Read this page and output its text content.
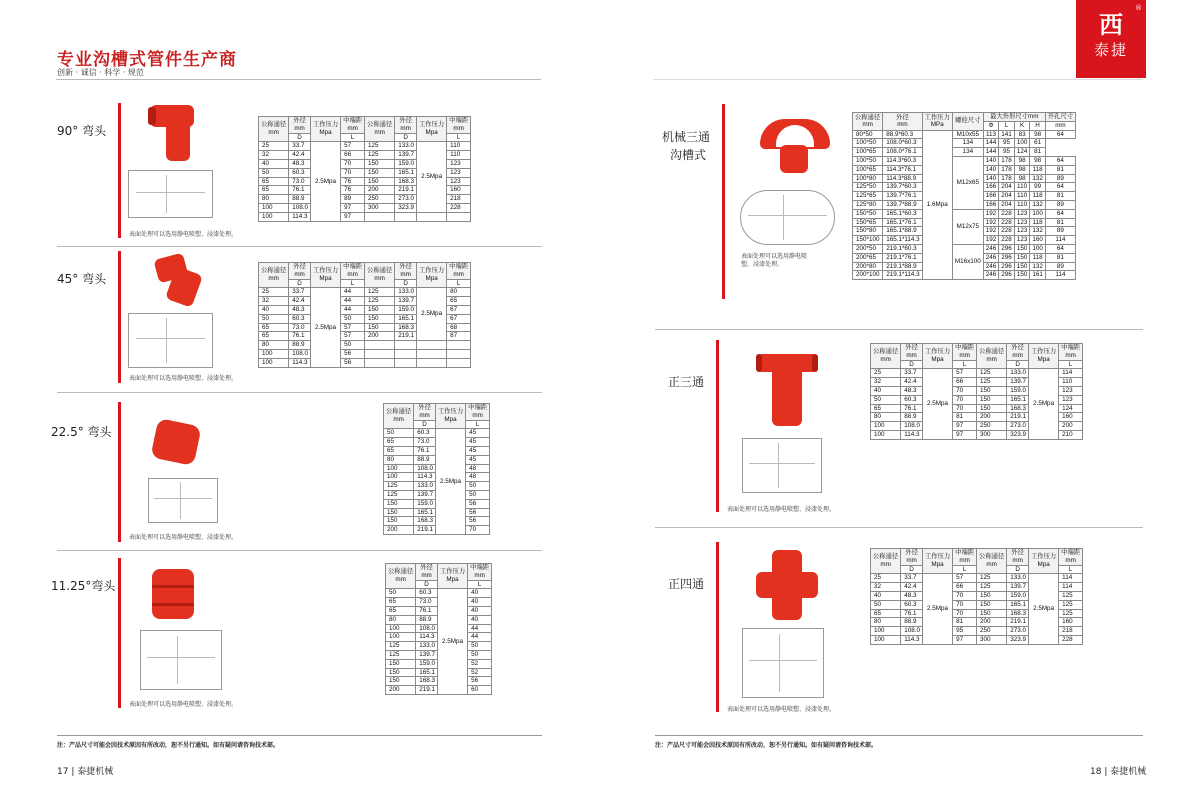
西
泰捷
®
专业沟槽式管件生产商
创新 · 诚信 · 科学 · 规范
90° 弯头
表面处理可以选用静电喷塑、浸漆处理。
公称通径
mm	外径
mm	工作压力
Mpa	中端距
mm	公称通径
mm	外径
mm	工作压力
Mpa	中端距
mm
	D		L		D		L
25	33.7	2.5Mpa	57	125	133.0	2.5Mpa	110
32	42.4		66	125	139.7		110
40	48.3		70	150	159.0		123
50	60.3		70	150	165.1		123
65	73.0		76	150	168.3		123
65	76.1		76	200	219.1		160
80	88.9		89	250	273.0		218
100	108.0		97	300	323.9		228
100	114.3		97				
45° 弯头
表面处理可以选用静电喷塑、浸漆处理。
公称通径
mm	外径
mm	工作压力
Mpa	中端距
mm	公称通径
mm	外径
mm	工作压力
Mpa	中端距
mm
	D		L		D		L
25	33.7	2.5Mpa	44	125	133.0	2.5Mpa	80
32	42.4		44	125	139.7		65
40	48.3		44	150	159.0		67
50	60.3		50	150	165.1		67
65	73.0		57	150	168.3		68
65	76.1		57	200	219.1		87
80	88.9		50				
100	108.0		56				
100	114.3		56				
22.5° 弯头
表面处理可以选用静电喷塑、浸漆处理。
公称通径
mm	外径
mm	工作压力
Mpa	中端距
mm
	D		L
50	60.3	2.5Mpa	45
65	73.0		45
65	76.1		45
80	88.9		45
100	108.0		48
100	114.3		48
125	133.0		50
125	139.7		50
150	159.0		56
150	165.1		56
150	168.3		56
200	219.1		70
11.25°弯头
表面处理可以选用静电喷塑、浸漆处理。
公称通径
mm	外径
mm	工作压力
Mpa	中端距
mm
	D		L
50	60.3	2.5Mpa	40
65	73.0		40
65	76.1		40
80	88.9		40
100	108.0		44
100	114.3		44
125	133.0		50
125	139.7		50
150	159.0		52
150	165.1		52
150	168.3		56
200	219.1		60
机械三通
沟槽式
表面处理可以选用静电喷
塑、浸漆处理。
公称通径
mm	外径
mm	工作压力
MPa	螺栓尺寸	最大外形尺寸mm				开孔尺寸
				Φ	L	K	H	mm
80*50	88.9*60.3	1.6Mpa	M10x55	113	141	83	98	64
100*50	108.0*60.3		134	144	95	100	61	
100*65	108.0*76.1		134	144	95	124	81	
100*50	114.3*60.3		M12x65	140	178	98	98	64
100*65	114.3*76.1			140	178	98	118	81
100*80	114.3*88.9			140	178	98	132	89
125*50	139.7*60.3			166	204	110	99	64
125*65	139.7*76.1			166	204	110	118	81
125*80	139.7*88.9			166	204	110	132	89
150*50	165.1*60.3		M12x75	192	228	123	100	64
150*65	165.1*76.1			192	228	123	118	81
150*80	165.1*88.9			192	228	123	132	89
150*100	165.1*114.3			192	228	123	160	114
200*50	219.1*60.3		M16x100	246	296	150	100	64
200*65	219.1*76.1			246	296	150	118	81
200*80	219.1*88.9			246	296	150	132	89
200*100	219.1*114.3			246	296	150	161	114
正三通
表面处理可以选用静电喷塑、浸漆处理。
公称通径
mm	外径
mm	工作压力
Mpa	中端距
mm	公称通径
mm	外径
mm	工作压力
Mpa	中端距
mm
	D		L		D		L
25	33.7	2.5Mpa	57	125	133.0	2.5Mpa	114
32	42.4		66	125	139.7		110
40	48.3		70	150	159.0		123
50	60.3		70	150	165.1		123
65	76.1		70	150	168.3		124
80	88.9		81	200	219.1		160
100	108.0		97	250	273.0		200
100	114.3		97	300	323.9		210
正四通
表面处理可以选用静电喷塑、浸漆处理。
公称通径
mm	外径
mm	工作压力
Mpa	中端距
mm	公称通径
mm	外径
mm	工作压力
Mpa	中端距
mm
	D		L		D		L
25	33.7	2.5Mpa	57	125	133.0	2.5Mpa	114
32	42.4		66	125	139.7		114
40	48.3		70	150	159.0		125
50	60.3		70	150	165.1		125
65	76.1		70	150	168.3		125
80	88.9		81	200	219.1		160
100	108.0		95	250	273.0		218
100	114.3		97	300	323.9		228
注：产品尺寸可能会因技术原因有所改动，恕不另行通知。如有疑问请咨询技术部。	注：产品尺寸可能会因技术原因有所改动，恕不另行通知。如有疑问请咨询技术部。
17 | 泰捷机械	18 | 泰捷机械
